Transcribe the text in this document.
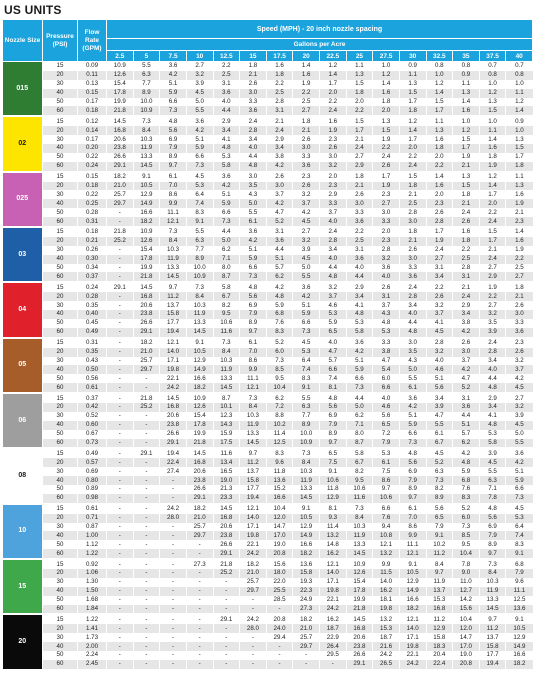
US UNITS
Nozzle Size	Pressure (PSI)	Flow Rate (GPM)	Speed (MPH) - 20 inch nozzle spacing															
			Gallons per Acre															
			2.5	5	7.5	10	12.5	15	17.5	20	22.5	25	27.5	30	32.5	35	37.5	40
015	15	0.09	10.9	5.5	3.6	2.7	2.2	1.8	1.6	1.4	1.2	1.1	1.0	0.9	0.8	0.8	0.7	0.7
	20	0.11	12.6	6.3	4.2	3.2	2.5	2.1	1.8	1.6	1.4	1.3	1.2	1.1	1.0	0.9	0.8	0.8
	30	0.13	15.4	7.7	5.1	3.9	3.1	2.6	2.2	1.9	1.7	1.5	1.4	1.3	1.2	1.1	1.0	1.0
	40	0.15	17.8	8.9	5.9	4.5	3.6	3.0	2.5	2.2	2.0	1.8	1.6	1.5	1.4	1.3	1.2	1.1
	50	0.17	19.9	10.0	6.6	5.0	4.0	3.3	2.8	2.5	2.2	2.0	1.8	1.7	1.5	1.4	1.3	1.2
	60	0.18	21.8	10.9	7.3	5.5	4.4	3.6	3.1	2.7	2.4	2.2	2.0	1.8	1.7	1.6	1.5	1.4
02	15	0.12	14.5	7.3	4.8	3.6	2.9	2.4	2.1	1.8	1.6	1.5	1.3	1.2	1.1	1.0	1.0	0.9
	20	0.14	16.8	8.4	5.6	4.2	3.4	2.8	2.4	2.1	1.9	1.7	1.5	1.4	1.3	1.2	1.1	1.0
	30	0.17	20.6	10.3	6.9	5.1	4.1	3.4	2.9	2.6	2.3	2.1	1.9	1.7	1.6	1.5	1.4	1.3
	40	0.20	23.8	11.9	7.9	5.9	4.8	4.0	3.4	3.0	2.6	2.4	2.2	2.0	1.8	1.7	1.6	1.5
	50	0.22	26.6	13.3	8.9	6.6	5.3	4.4	3.8	3.3	3.0	2.7	2.4	2.2	2.0	1.9	1.8	1.7
	60	0.24	29.1	14.5	9.7	7.3	5.8	4.8	4.2	3.6	3.2	2.9	2.6	2.4	2.2	2.1	1.9	1.8
025	15	0.15	18.2	9.1	6.1	4.5	3.6	3.0	2.6	2.3	2.0	1.8	1.7	1.5	1.4	1.3	1.2	1.1
	20	0.18	21.0	10.5	7.0	5.3	4.2	3.5	3.0	2.6	2.3	2.1	1.9	1.8	1.6	1.5	1.4	1.3
	30	0.22	25.7	12.9	8.6	6.4	5.1	4.3	3.7	3.2	2.9	2.6	2.3	2.1	2.0	1.8	1.7	1.6
	40	0.25	29.7	14.9	9.9	7.4	5.9	5.0	4.2	3.7	3.3	3.0	2.7	2.5	2.3	2.1	2.0	1.9
	50	0.28	-	16.6	11.1	8.3	6.6	5.5	4.7	4.2	3.7	3.3	3.0	2.8	2.6	2.4	2.2	2.1
	60	0.31	-	18.2	12.1	9.1	7.3	6.1	5.2	4.5	4.0	3.6	3.3	3.0	2.8	2.6	2.4	2.3
03	15	0.18	21.8	10.9	7.3	5.5	4.4	3.6	3.1	2.7	2.4	2.2	2.0	1.8	1.7	1.6	1.5	1.4
	20	0.21	25.2	12.6	8.4	6.3	5.0	4.2	3.6	3.2	2.8	2.5	2.3	2.1	1.9	1.8	1.7	1.6
	30	0.26	-	15.4	10.3	7.7	6.2	5.1	4.4	3.9	3.4	3.1	2.8	2.6	2.4	2.2	2.1	1.9
	40	0.30	-	17.8	11.9	8.9	7.1	5.9	5.1	4.5	4.0	3.6	3.2	3.0	2.7	2.5	2.4	2.2
	50	0.34	-	19.9	13.3	10.0	8.0	6.6	5.7	5.0	4.4	4.0	3.6	3.3	3.1	2.8	2.7	2.5
	60	0.37	-	21.8	14.5	10.9	8.7	7.3	6.2	5.5	4.8	4.4	4.0	3.6	3.4	3.1	2.9	2.7
04	15	0.24	29.1	14.5	9.7	7.3	5.8	4.8	4.2	3.6	3.2	2.9	2.6	2.4	2.2	2.1	1.9	1.8
	20	0.28	-	16.8	11.2	8.4	6.7	5.6	4.8	4.2	3.7	3.4	3.1	2.8	2.6	2.4	2.2	2.1
	30	0.35	-	20.6	13.7	10.3	8.2	6.9	5.9	5.1	4.6	4.1	3.7	3.4	3.2	2.9	2.7	2.6
	40	0.40	-	23.8	15.8	11.9	9.5	7.9	6.8	5.9	5.3	4.8	4.3	4.0	3.7	3.4	3.2	3.0
	50	0.45	-	26.6	17.7	13.3	10.6	8.9	7.6	6.6	5.9	5.3	4.8	4.4	4.1	3.8	3.5	3.3
	60	0.49	-	29.1	19.4	14.5	11.6	9.7	8.3	7.3	6.5	5.8	5.3	4.8	4.5	4.2	3.9	3.6
05	15	0.31	-	18.2	12.1	9.1	7.3	6.1	5.2	4.5	4.0	3.6	3.3	3.0	2.8	2.6	2.4	2.3
	20	0.35	-	21.0	14.0	10.5	8.4	7.0	6.0	5.3	4.7	4.2	3.8	3.5	3.2	3.0	2.8	2.6
	30	0.43	-	25.7	17.1	12.9	10.3	8.6	7.3	6.4	5.7	5.1	4.7	4.3	4.0	3.7	3.4	3.2
	40	0.50	-	29.7	19.8	14.9	11.9	9.9	8.5	7.4	6.6	5.9	5.4	5.0	4.6	4.2	4.0	3.7
	50	0.56	-	-	22.1	16.6	13.3	11.1	9.5	8.3	7.4	6.6	6.0	5.5	5.1	4.7	4.4	4.2
	60	0.61	-	-	24.2	18.2	14.5	12.1	10.4	9.1	8.1	7.3	6.6	6.1	5.6	5.2	4.8	4.5
06	15	0.37	-	21.8	14.5	10.9	8.7	7.3	6.2	5.5	4.8	4.4	4.0	3.6	3.4	3.1	2.9	2.7
	20	0.42	-	25.2	16.8	12.6	10.1	8.4	7.2	6.3	5.6	5.0	4.6	4.2	3.9	3.6	3.4	3.2
	30	0.52	-	-	20.6	15.4	12.3	10.3	8.8	7.7	6.9	6.2	5.6	5.1	4.7	4.4	4.1	3.9
	40	0.60	-	-	23.8	17.8	14.3	11.9	10.2	8.9	7.9	7.1	6.5	5.9	5.5	5.1	4.8	4.5
	50	0.67	-	-	26.6	19.9	15.9	13.3	11.4	10.0	8.9	8.0	7.2	6.6	6.1	5.7	5.3	5.0
	60	0.73	-	-	29.1	21.8	17.5	14.5	12.5	10.9	9.7	8.7	7.9	7.3	6.7	6.2	5.8	5.5
08	15	0.49	-	29.1	19.4	14.5	11.6	9.7	8.3	7.3	6.5	5.8	5.3	4.8	4.5	4.2	3.9	3.6
	20	0.57	-	-	22.4	16.8	13.4	11.2	9.6	8.4	7.5	6.7	6.1	5.6	5.2	4.8	4.5	4.2
	30	0.69	-	-	27.4	20.6	16.5	13.7	11.8	10.3	9.1	8.2	7.5	6.9	6.3	5.9	5.5	5.1
	40	0.80	-	-	-	23.8	19.0	15.8	13.6	11.9	10.6	9.5	8.6	7.9	7.3	6.8	6.3	5.9
	50	0.89	-	-	-	26.6	21.3	17.7	15.2	13.3	11.8	10.6	9.7	8.9	8.2	7.6	7.1	6.6
	60	0.98	-	-	-	29.1	23.3	19.4	16.6	14.5	12.9	11.6	10.6	9.7	8.9	8.3	7.8	7.3
10	15	0.61	-	-	24.2	18.2	14.5	12.1	10.4	9.1	8.1	7.3	6.6	6.1	5.6	5.2	4.8	4.5
	20	0.71	-	-	28.0	21.0	16.8	14.0	12.0	10.5	9.3	8.4	7.6	7.0	6.5	6.0	5.6	5.3
	30	0.87	-	-	-	25.7	20.6	17.1	14.7	12.9	11.4	10.3	9.4	8.6	7.9	7.3	6.9	6.4
	40	1.00	-	-	-	29.7	23.8	19.8	17.0	14.9	13.2	11.9	10.8	9.9	9.1	8.5	7.9	7.4
	50	1.12	-	-	-	-	26.6	22.1	19.0	16.6	14.8	13.3	12.1	11.1	10.2	9.5	8.9	8.3
	60	1.22	-	-	-	-	29.1	24.2	20.8	18.2	16.2	14.5	13.2	12.1	11.2	10.4	9.7	9.1
15	15	0.92	-	-	-	27.3	21.8	18.2	15.6	13.6	12.1	10.9	9.9	9.1	8.4	7.8	7.3	6.8
	20	1.06	-	-	-	-	25.2	21.0	18.0	15.8	14.0	12.6	11.5	10.5	9.7	9.0	8.4	7.9
	30	1.30	-	-	-	-	-	25.7	22.0	19.3	17.1	15.4	14.0	12.9	11.9	11.0	10.3	9.6
	40	1.50	-	-	-	-	-	29.7	25.5	22.3	19.8	17.8	16.2	14.9	13.7	12.7	11.9	11.1
	50	1.68	-	-	-	-	-	-	28.5	24.9	22.1	19.9	18.1	16.6	15.3	14.2	13.3	12.5
	60	1.84	-	-	-	-	-	-	-	27.3	24.2	21.8	19.8	18.2	16.8	15.6	14.5	13.6
20	15	1.22	-	-	-	-	29.1	24.2	20.8	18.2	16.2	14.5	13.2	12.1	11.2	10.4	9.7	9.1
	20	1.41	-	-	-	-	-	28.0	24.0	21.0	18.7	16.8	15.3	14.0	12.9	12.0	11.2	10.5
	30	1.73	-	-	-	-	-	-	29.4	25.7	22.9	20.6	18.7	17.1	15.8	14.7	13.7	12.9
	40	2.00	-	-	-	-	-	-	-	29.7	26.4	23.8	21.6	19.8	18.3	17.0	15.8	14.9
	50	2.24	-	-	-	-	-	-	-	-	29.5	26.6	24.2	22.1	20.4	19.0	17.7	16.6
	60	2.45	-	-	-	-	-	-	-	-	-	29.1	26.5	24.2	22.4	20.8	19.4	18.2
